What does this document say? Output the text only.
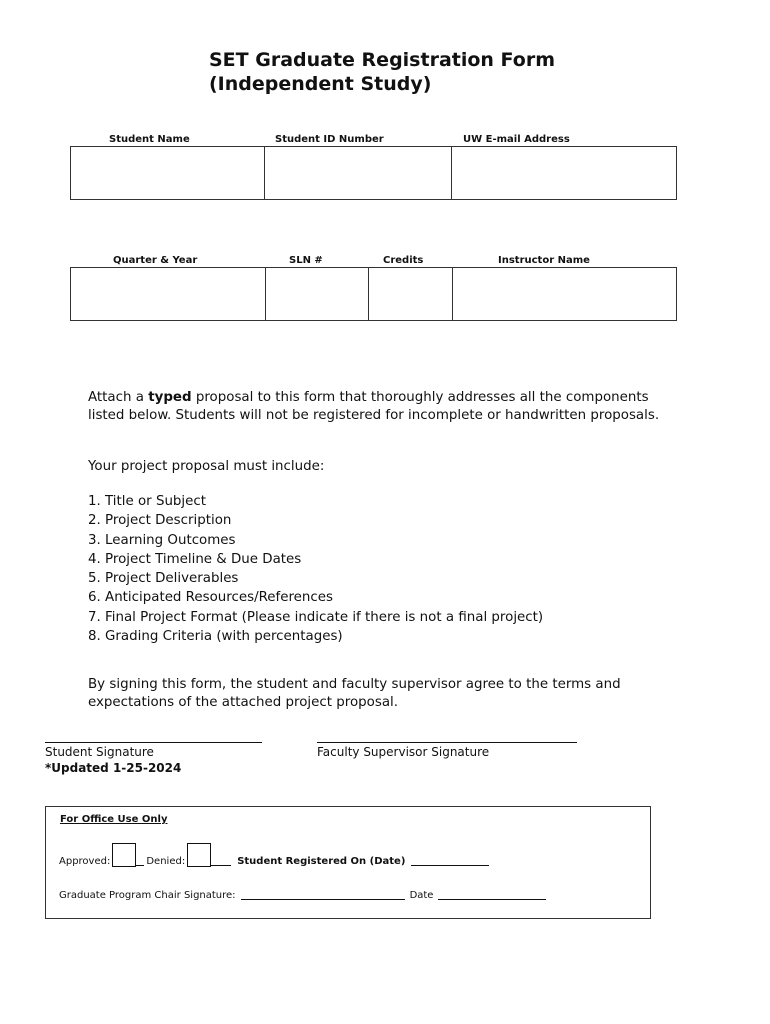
SET Graduate Registration Form
(Independent Study)
Student Name	Student ID Number	UW E-mail Address

Quarter & Year	SLN #	Credits	Instructor Name

Attach a typed proposal to this form that thoroughly addresses all the components listed below. Students will not be registered for incomplete or handwritten proposals.
Your project proposal must include:
1. Title or Subject
2. Project Description
3. Learning Outcomes
4. Project Timeline & Due Dates
5. Project Deliverables
6. Anticipated Resources/References
7. Final Project Format (Please indicate if there is not a final project)
8. Grading Criteria (with percentages)
By signing this form, the student and faculty supervisor agree to the terms and expectations of the attached project proposal.
Student Signature	Faculty Supervisor Signature
*Updated 1-25-2024
For Office Use Only
Approved:	Denied:	Student Registered On (Date)
Graduate Program Chair Signature:	Date
